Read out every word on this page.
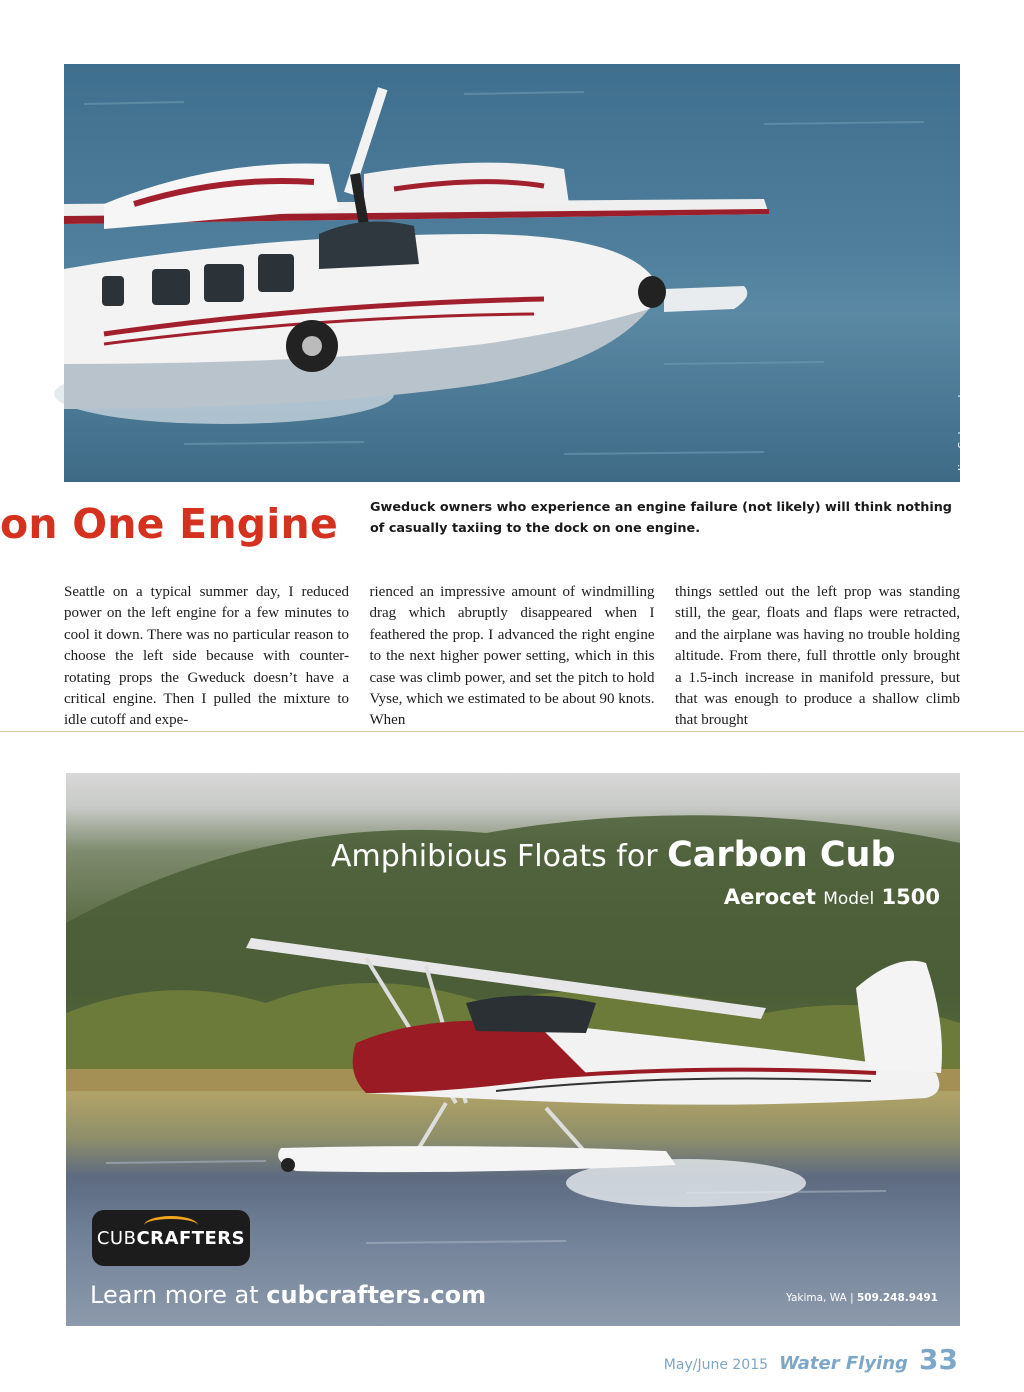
Jim Schoeggl
on One Engine	Gweduck owners who experience an engine failure (not likely) will think nothing of casually taxiing to the dock on one engine.

Seattle on a typical summer day, I reduced power on the left engine for a few minutes to cool it down. There was no particular reason to choose the left side because with counter-rotating props the Gweduck doesn’t have a critical engine. Then I pulled the mixture to idle cutoff and expe-

rienced an impressive amount of windmilling drag which abruptly disappeared when I feathered the prop. I advanced the right engine to the next higher power setting, which in this case was climb power, and set the pitch to hold Vyse, which we estimated to be about 90 knots. When

things settled out the left prop was standing still, the gear, floats and flaps were retracted, and the airplane was having no trouble holding altitude. From there, full throttle only brought a 1.5-inch increase in manifold pressure, but that was enough to produce a shallow climb that brought

Amphibious Floats for Carbon Cub

Aerocet Model 1500

CUBCRAFTERS

Learn more at cubcrafters.com	Yakima, WA | 509.248.9491

May/June 2015 Water Flying 33
